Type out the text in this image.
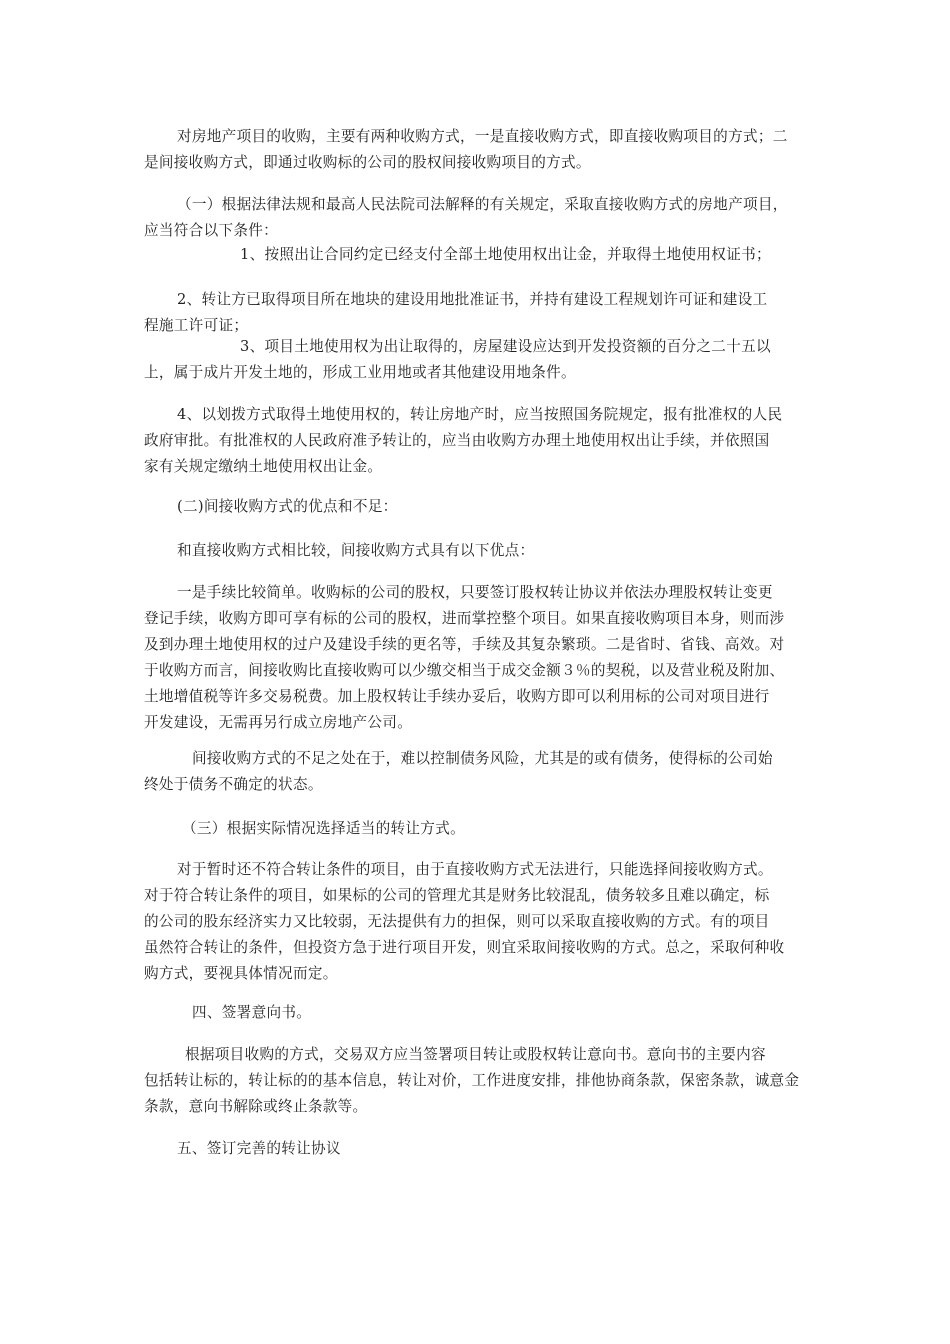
对房地产项目的收购，主要有两种收购方式，一是直接收购方式，即直接收购项目的方式；二
是间接收购方式，即通过收购标的公司的股权间接收购项目的方式。

（一）根据法律法规和最高人民法院司法解释的有关规定，采取直接收购方式的房地产项目，
应当符合以下条件：

1、按照出让合同约定已经支付全部土地使用权出让金，并取得土地使用权证书；

2、转让方已取得项目所在地块的建设用地批准证书，并持有建设工程规划许可证和建设工
程施工许可证；

3、项目土地使用权为出让取得的，房屋建设应达到开发投资额的百分之二十五以
上，属于成片开发土地的，形成工业用地或者其他建设用地条件。

4、以划拨方式取得土地使用权的，转让房地产时，应当按照国务院规定，报有批准权的人民
政府审批。有批准权的人民政府准予转让的，应当由收购方办理土地使用权出让手续，并依照国
家有关规定缴纳土地使用权出让金。

(二)间接收购方式的优点和不足：

和直接收购方式相比较，间接收购方式具有以下优点：

一是手续比较简单。收购标的公司的股权，只要签订股权转让协议并依法办理股权转让变更
登记手续，收购方即可享有标的公司的股权，进而掌控整个项目。如果直接收购项目本身，则而涉
及到办理土地使用权的过户及建设手续的更名等，手续及其复杂繁琐。二是省时、省钱、高效。对
于收购方而言，间接收购比直接收购可以少缴交相当于成交金额３％的契税，以及营业税及附加、
土地增值税等许多交易税费。加上股权转让手续办妥后，收购方即可以利用标的公司对项目进行
开发建设，无需再另行成立房地产公司。

间接收购方式的不足之处在于，难以控制债务风险，尤其是的或有债务，使得标的公司始
终处于债务不确定的状态。

（三）根据实际情况选择适当的转让方式。

对于暂时还不符合转让条件的项目，由于直接收购方式无法进行，只能选择间接收购方式。
对于符合转让条件的项目，如果标的公司的管理尤其是财务比较混乱，债务较多且难以确定，标
的公司的股东经济实力又比较弱，无法提供有力的担保，则可以采取直接收购的方式。有的项目
虽然符合转让的条件，但投资方急于进行项目开发，则宜采取间接收购的方式。总之，采取何种收
购方式，要视具体情况而定。

四、签署意向书。

根据项目收购的方式，交易双方应当签署项目转让或股权转让意向书。意向书的主要内容
包括转让标的，转让标的的基本信息，转让对价，工作进度安排，排他协商条款，保密条款，诚意金
条款，意向书解除或终止条款等。

五、签订完善的转让协议
